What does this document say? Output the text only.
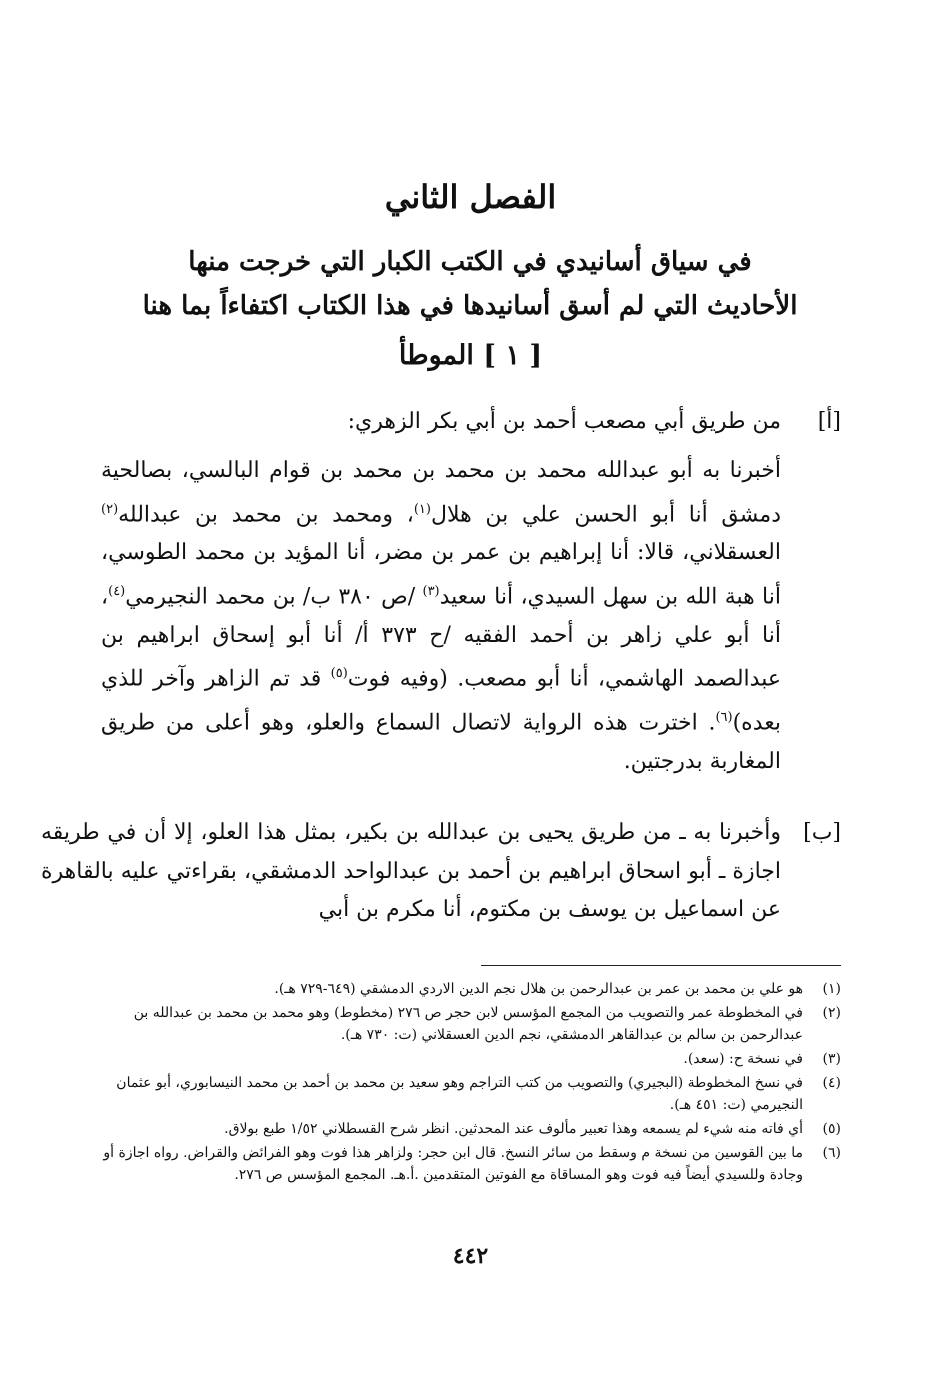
الفصل الثاني
في سياق أسانيدي في الكتب الكبار التي خرجت منها الأحاديث التي لم أسق أسانيدها في هذا الكتاب اكتفاءاً بما هنا
[ ١ ] الموطأ
[أ]
من طريق أبي مصعب أحمد بن أبي بكر الزهري:
أخبرنا به أبو عبدالله محمد بن محمد بن محمد بن قوام البالسي، بصالحية دمشق أنا أبو الحسن علي بن هلال$^{(١)}$، ومحمد بن محمد بن عبدالله$^{(٢)}$ العسقلاني، قالا: أنا إبراهيم بن عمر بن مضر، أنا المؤيد بن محمد الطوسي، أنا هبة الله بن سهل السيدي، أنا سعيد$^{(٣)}$ /ص ٣٨٠ ب/ بن محمد النجيرمي$^{(٤)}$، أنا أبو علي زاهر بن أحمد الفقيه /ح ٣٧٣ أ/ أنا أبو إسحاق ابراهيم بن عبدالصمد الهاشمي، أنا أبو مصعب. (وفيه فوت$^{(٥)}$ قد تم الزاهر وآخر للذي بعده)$^{(٦)}$. اخترت هذه الرواية لاتصال السماع والعلو، وهو أعلى من طريق المغاربة بدرجتين.
[ب]
وأخبرنا به ـ من طريق يحيى بن عبدالله بن بكير، بمثل هذا العلو، إلا أن في طريقه اجازة ـ أبو اسحاق ابراهيم بن أحمد بن عبدالواحد الدمشقي، بقراءتي عليه بالقاهرة عن اسماعيل بن يوسف بن مكتوم، أنا مكرم بن أبي
(١)
هو علي بن محمد بن عمر بن عبدالرحمن بن هلال نجم الدين الاردي الدمشقي (٦٤٩-٧٢٩ هـ).
(٢)
في المخطوطة عمر والتصويب من المجمع المؤسس لابن حجر ص ٢٧٦ (مخطوط) وهو محمد بن محمد بن عبدالله بن عبدالرحمن بن سالم بن عبدالقاهر الدمشقي، نجم الدين العسقلاني (ت: ٧٣٠ هـ).
(٣)
في نسخة ح: (سعد).
(٤)
في نسخ المخطوطة (البجيري) والتصويب من كتب التراجم وهو سعيد بن محمد بن أحمد بن محمد النيسابوري، أبو عثمان النجيرمي (ت: ٤٥١ هـ).
(٥)
أي فاته منه شيء لم يسمعه وهذا تعبير مألوف عند المحدثين. انظر شرح القسطلاني ١/٥٢ طبع بولاق.
(٦)
ما بين القوسين من نسخة م وسقط من سائر النسخ. قال ابن حجر: ولزاهر هذا فوت وهو الفرائض والقراض. رواه اجازة أو وجادة وللسيدي أيضاً فيه فوت وهو المساقاة مع الفوتين المتقدمين .أ.هـ. المجمع المؤسس ص ٢٧٦.
٤٤٢
